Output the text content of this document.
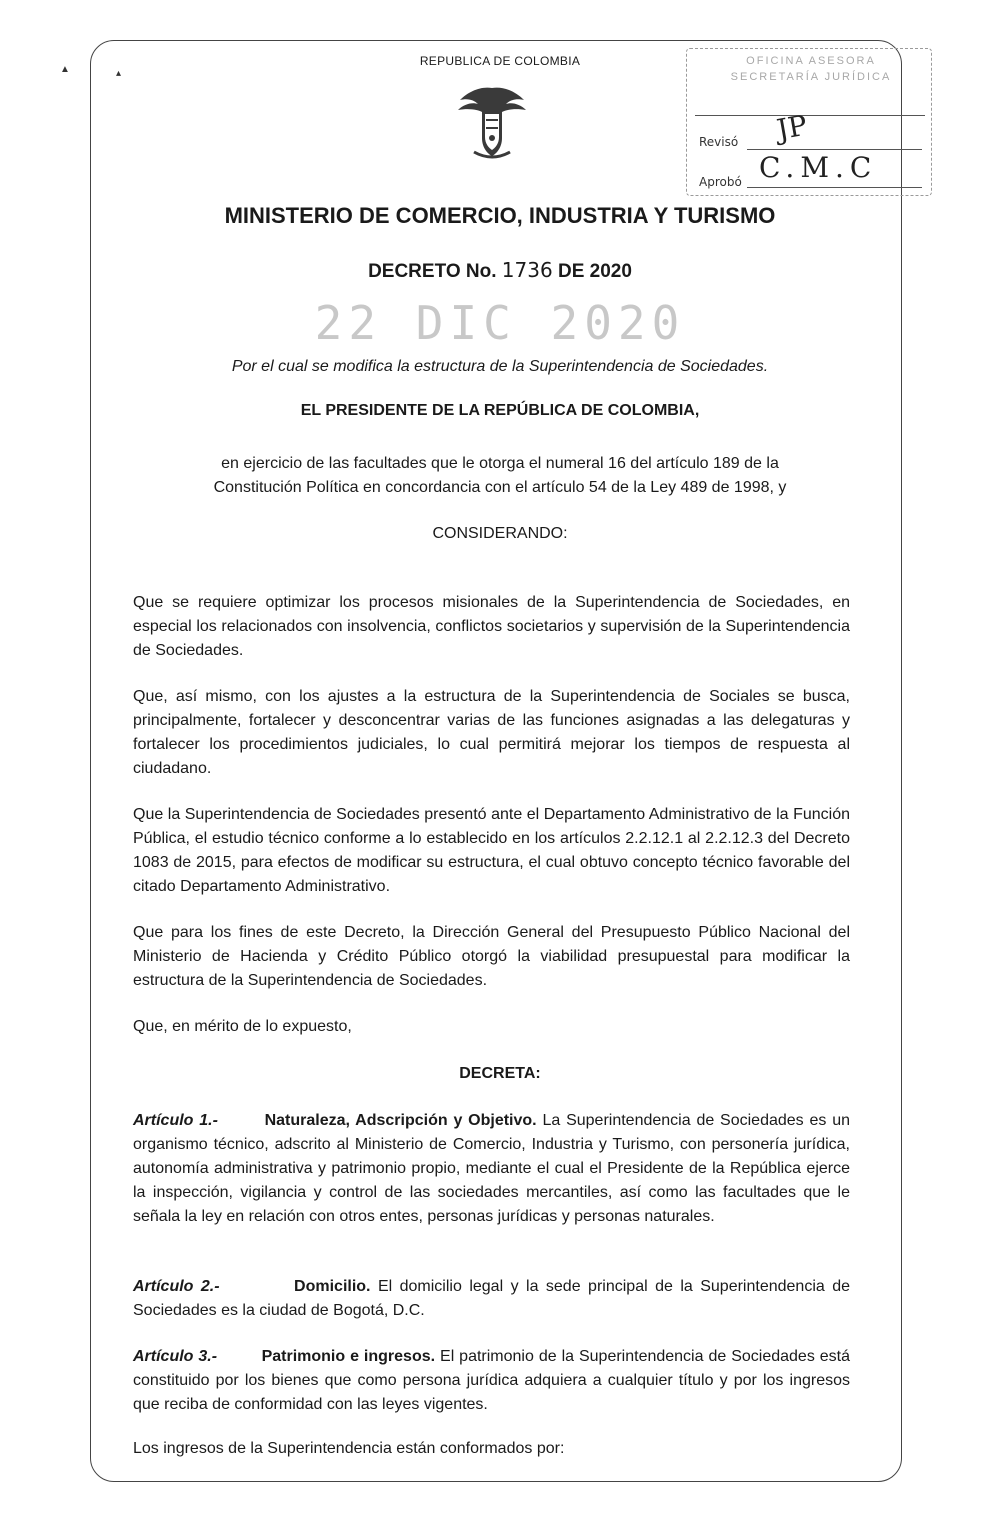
▲	▴
REPUBLICA DE COLOMBIA	OFICINA ASESORA
SECRETARÍA JURÍDICA
Revisó JP
Aprobó C.M.C
MINISTERIO DE COMERCIO, INDUSTRIA Y TURISMO
DECRETO No. 1736 DE 2020
22 DIC 2020
Por el cual se modifica la estructura de la Superintendencia de Sociedades.
EL PRESIDENTE DE LA REPÚBLICA DE COLOMBIA,
en ejercicio de las facultades que le otorga el numeral 16 del artículo 189 de la
Constitución Política en concordancia con el artículo 54 de la Ley 489 de 1998, y
CONSIDERANDO:
Que se requiere optimizar los procesos misionales de la Superintendencia de Sociedades, en especial los relacionados con insolvencia, conflictos societarios y supervisión de la Superintendencia de Sociedades.
Que, así mismo, con los ajustes a la estructura de la Superintendencia de Sociales se busca, principalmente, fortalecer y desconcentrar varias de las funciones asignadas a las delegaturas y fortalecer los procedimientos judiciales, lo cual permitirá mejorar los tiempos de respuesta al ciudadano.
Que la Superintendencia de Sociedades presentó ante el Departamento Administrativo de la Función Pública, el estudio técnico conforme a lo establecido en los artículos 2.2.12.1 al 2.2.12.3 del Decreto 1083 de 2015, para efectos de modificar su estructura, el cual obtuvo concepto técnico favorable del citado Departamento Administrativo.
Que para los fines de este Decreto, la Dirección General del Presupuesto Público Nacional del Ministerio de Hacienda y Crédito Público otorgó la viabilidad presupuestal para modificar la estructura de la Superintendencia de Sociedades.
Que, en mérito de lo expuesto,
DECRETA:
Artículo 1.-	Naturaleza, Adscripción y Objetivo. La Superintendencia de Sociedades es un organismo técnico, adscrito al Ministerio de Comercio, Industria y Turismo, con personería jurídica, autonomía administrativa y patrimonio propio, mediante el cual el Presidente de la República ejerce la inspección, vigilancia y control de las sociedades mercantiles, así como las facultades que le señala la ley en relación con otros entes, personas jurídicas y personas naturales.
Artículo 2.-	Domicilio. El domicilio legal y la sede principal de la Superintendencia de Sociedades es la ciudad de Bogotá, D.C.
Artículo 3.-	Patrimonio e ingresos. El patrimonio de la Superintendencia de Sociedades está constituido por los bienes que como persona jurídica adquiera a cualquier título y por los ingresos que reciba de conformidad con las leyes vigentes.
Los ingresos de la Superintendencia están conformados por:
